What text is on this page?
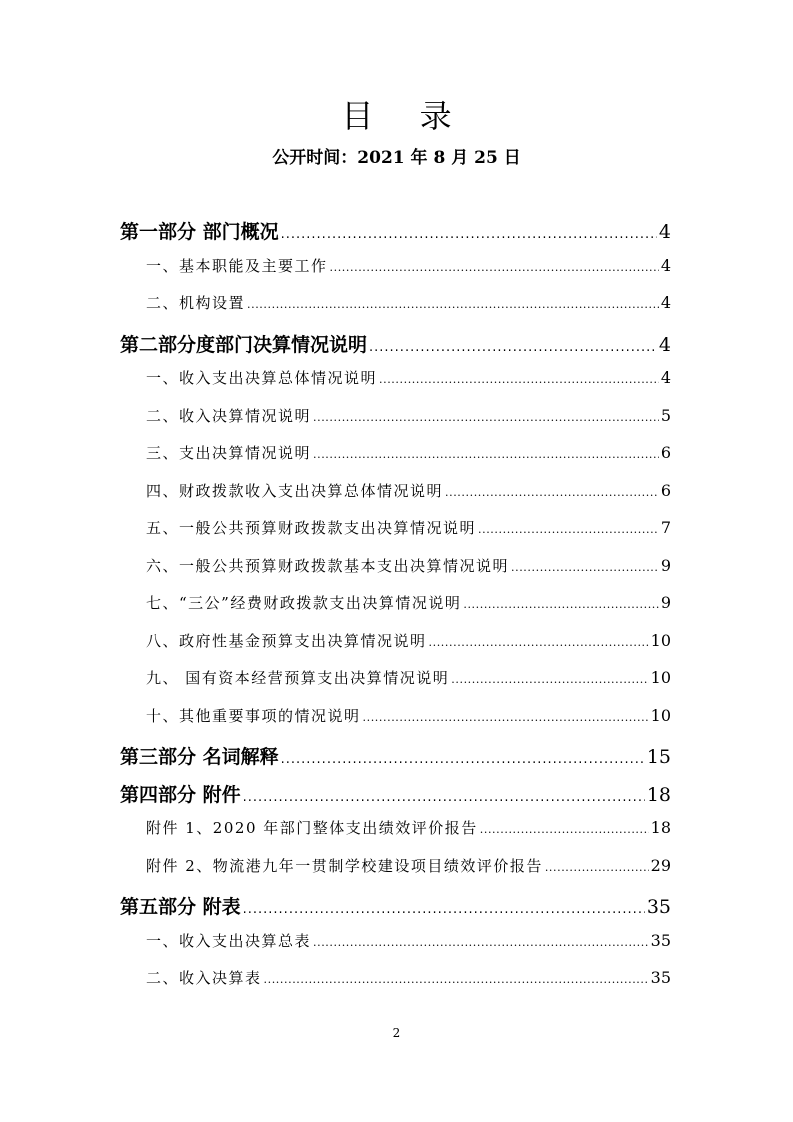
目 录
公开时间：2021 年 8 月 25 日
第一部分 部门概况 .....	4
一、基本职能及主要工作 .....	4
二、机构设置 .....	4
第二部分度部门决算情况说明 .....	4
一、收入支出决算总体情况说明 .....	4
二、收入决算情况说明 .....	5
三、支出决算情况说明 .....	6
四、财政拨款收入支出决算总体情况说明 .....	6
五、一般公共预算财政拨款支出决算情况说明 .....	7
六、一般公共预算财政拨款基本支出决算情况说明 .....	9
七、“三公”经费财政拨款支出决算情况说明 .....	9
八、政府性基金预算支出决算情况说明 .....	10
九、 国有资本经营预算支出决算情况说明 .....	10
十、其他重要事项的情况说明 .....	10
第三部分 名词解释 .....	15
第四部分 附件 .....	18
附件 1、2020 年部门整体支出绩效评价报告 .....	18
附件 2、物流港九年一贯制学校建设项目绩效评价报告 .....	29
第五部分 附表 .....	35
一、收入支出决算总表 .....	35
二、收入决算表 .....	35
2
